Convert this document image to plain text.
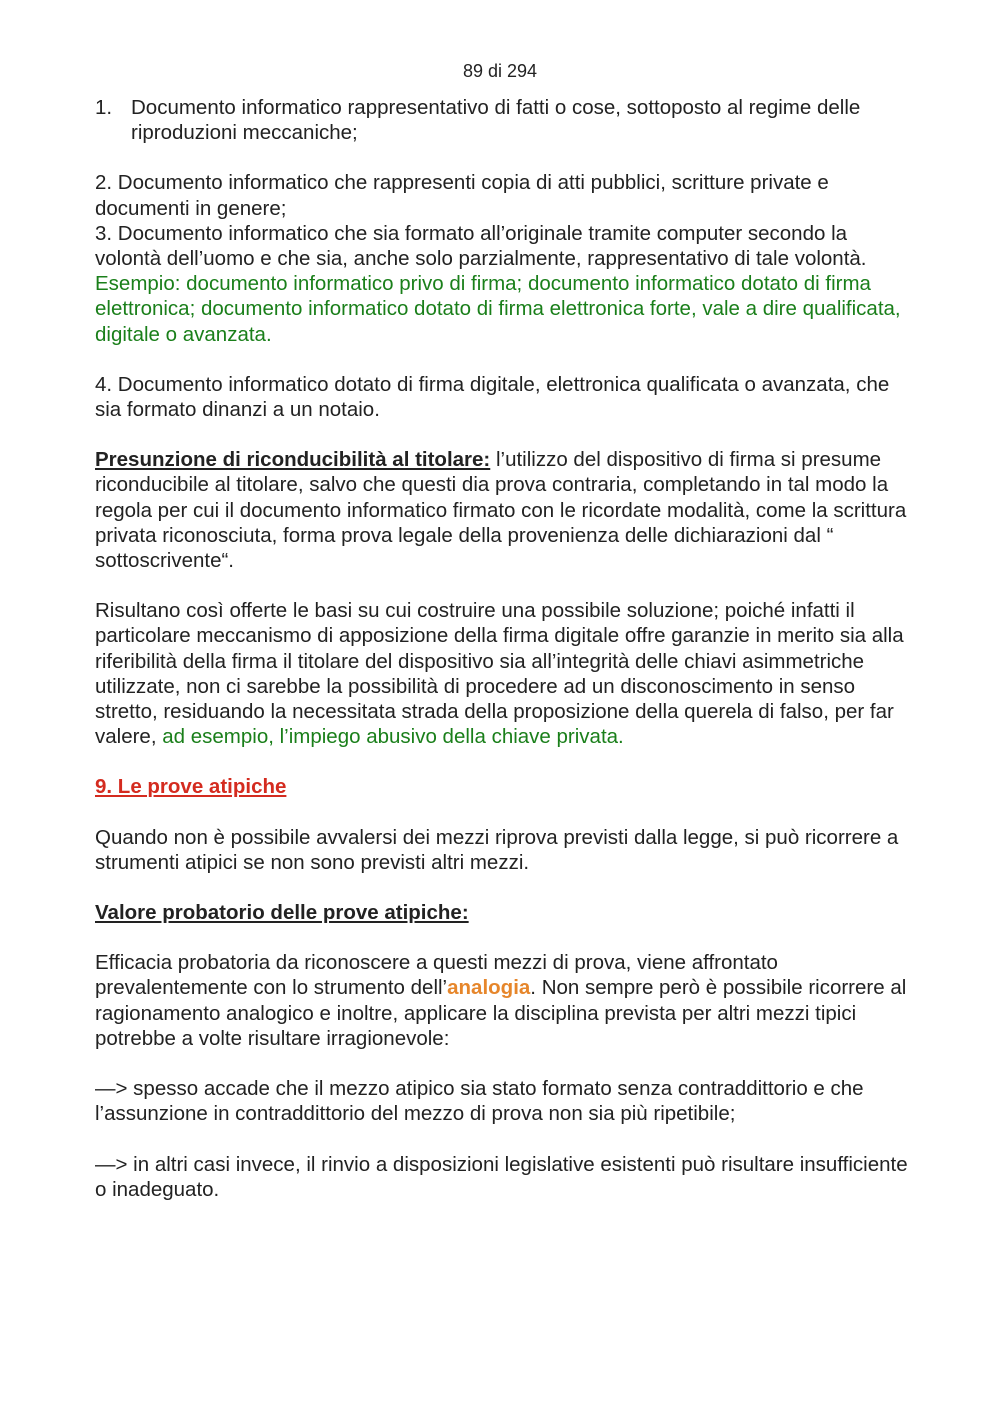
89 di 294
1. Documento informatico rappresentativo di fatti o cose, sottoposto al regime delle riproduzioni meccaniche;

2. Documento informatico che rappresenti copia di atti pubblici, scritture private e documenti in genere;

3. Documento informatico che sia formato all’originale tramite computer secondo la volontà dell’uomo e che sia, anche solo parzialmente, rappresentativo di tale volontà.

Esempio: documento informatico privo di firma; documento informatico dotato di firma elettronica; documento informatico dotato di firma elettronica forte, vale a dire qualificata, digitale o avanzata.

4. Documento informatico dotato di firma digitale, elettronica qualificata o avanzata, che sia formato dinanzi a un notaio.

Presunzione di riconducibilità al titolare: l’utilizzo del dispositivo di firma si presume riconducibile al titolare, salvo che questi dia prova contraria, completando in tal modo la regola per cui il documento informatico firmato con le ricordate modalità, come la scrittura privata riconosciuta, forma prova legale della provenienza delle dichiarazioni dal “ sottoscrivente“.

Risultano così offerte le basi su cui costruire una possibile soluzione; poiché infatti il particolare meccanismo di apposizione della firma digitale offre garanzie in merito sia alla riferibilità della firma il titolare del dispositivo sia all’integrità delle chiavi asimmetriche utilizzate, non ci sarebbe la possibilità di procedere ad un disconoscimento in senso stretto, residuando la necessitata strada della proposizione della querela di falso, per far valere, ad esempio, l’impiego abusivo della chiave privata.

9. Le prove atipiche

Quando non è possibile avvalersi dei mezzi riprova previsti dalla legge, si può ricorrere a strumenti atipici se non sono previsti altri mezzi.

Valore probatorio delle prove atipiche:

Efficacia probatoria da riconoscere a questi mezzi di prova, viene affrontato prevalentemente con lo strumento dell’analogia. Non sempre però è possibile ricorrere al ragionamento analogico e inoltre, applicare la disciplina prevista per altri mezzi tipici potrebbe a volte risultare irragionevole:

—> spesso accade che il mezzo atipico sia stato formato senza contraddittorio e che l’assunzione in contraddittorio del mezzo di prova non sia più ripetibile;

—> in altri casi invece, il rinvio a disposizioni legislative esistenti può risultare insufficiente o inadeguato.
